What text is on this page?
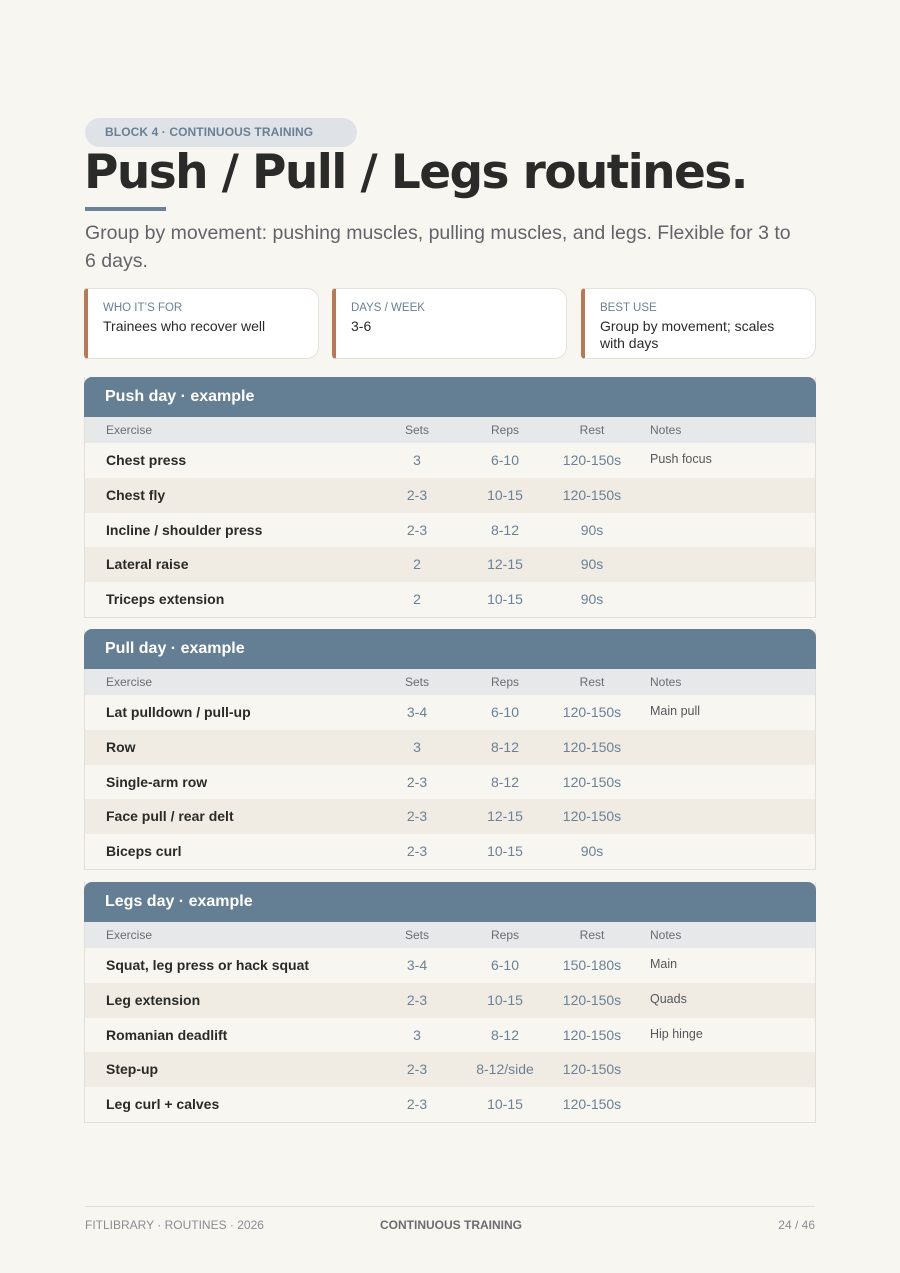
BLOCK 4 · CONTINUOUS TRAINING
Push / Pull / Legs routines.

Group by movement: pushing muscles, pulling muscles, and legs. Flexible for 3 to 6 days.

WHO IT’S FOR
Trainees who recover well
DAYS / WEEK
3-6
BEST USE
Group by movement; scales with days
Push day · example
Exercise	Sets	Reps	Rest	Notes
Chest press	3	6-10	120-150s	Push focus
Chest fly	2-3	10-15	120-150s
Incline / shoulder press	2-3	8-12	90s
Lateral raise	2	12-15	90s
Triceps extension	2	10-15	90s
Pull day · example
Exercise	Sets	Reps	Rest	Notes
Lat pulldown / pull-up	3-4	6-10	120-150s	Main pull
Row	3	8-12	120-150s
Single-arm row	2-3	8-12	120-150s
Face pull / rear delt	2-3	12-15	120-150s
Biceps curl	2-3	10-15	90s
Legs day · example
Exercise	Sets	Reps	Rest	Notes
Squat, leg press or hack squat	3-4	6-10	150-180s	Main
Leg extension	2-3	10-15	120-150s	Quads
Romanian deadlift	3	8-12	120-150s	Hip hinge
Step-up	2-3	8-12/side	120-150s
Leg curl + calves	2-3	10-15	120-150s
FITLIBRARY · ROUTINES · 2026	CONTINUOUS TRAINING	24 / 46
